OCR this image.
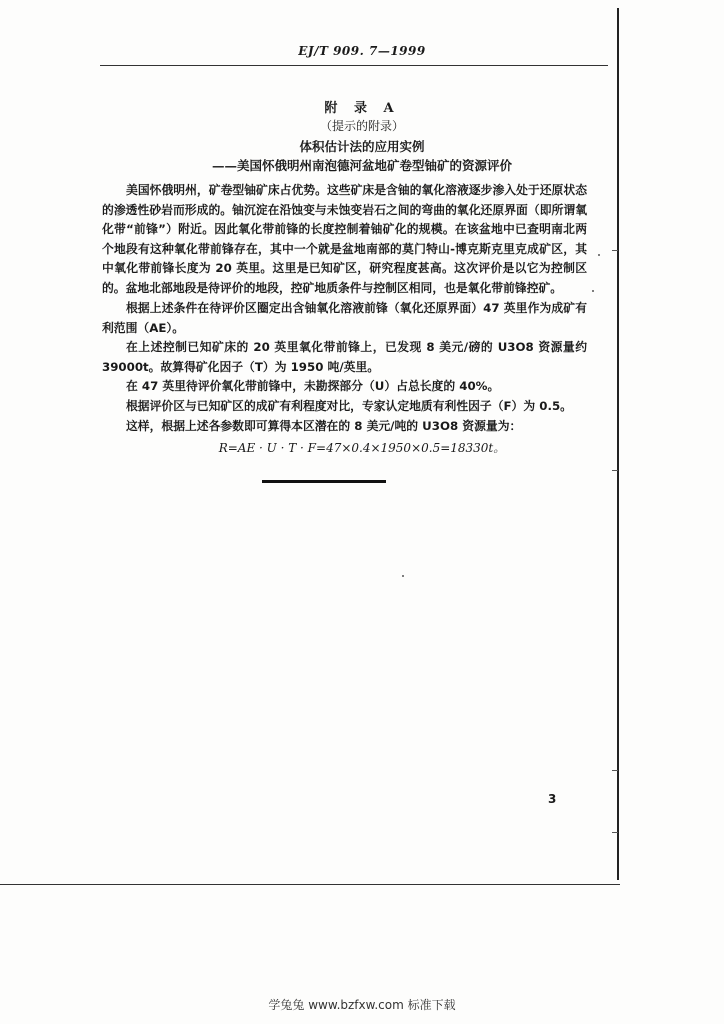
EJ/T 909. 7—1999
附 录 A
（提示的附录）
体积估计法的应用实例
——美国怀俄明州南泡德河盆地矿卷型铀矿的资源评价
美国怀俄明州，矿卷型铀矿床占优势。这些矿床是含铀的氧化溶液逐步渗入处于还原状态的渗透性砂岩而形成的。铀沉淀在沿蚀变与未蚀变岩石之间的弯曲的氧化还原界面（即所谓氧化带“前锋”）附近。因此氧化带前锋的长度控制着铀矿化的规模。在该盆地中已查明南北两个地段有这种氧化带前锋存在，其中一个就是盆地南部的莫门特山-博克斯克里克成矿区，其中氧化带前锋长度为 20 英里。这里是已知矿区，研究程度甚高。这次评价是以它为控制区的。盆地北部地段是待评价的地段，控矿地质条件与控制区相同，也是氧化带前锋控矿。
根据上述条件在待评价区圈定出含铀氧化溶液前锋（氧化还原界面）47 英里作为成矿有利范围（AE）。
在上述控制已知矿床的 20 英里氧化带前锋上，已发现 8 美元/磅的 U3O8 资源量约 39000t。故算得矿化因子（T）为 1950 吨/英里。
在 47 英里待评价氧化带前锋中，未勘探部分（U）占总长度的 40%。
根据评价区与已知矿区的成矿有利程度对比，专家认定地质有利性因子（F）为 0.5。
这样，根据上述各参数即可算得本区潜在的 8 美元/吨的 U3O8 资源量为：
R=AE · U · T · F=47×0.4×1950×0.5=18330t。
3
学兔兔 www.bzfxw.com 标准下载
